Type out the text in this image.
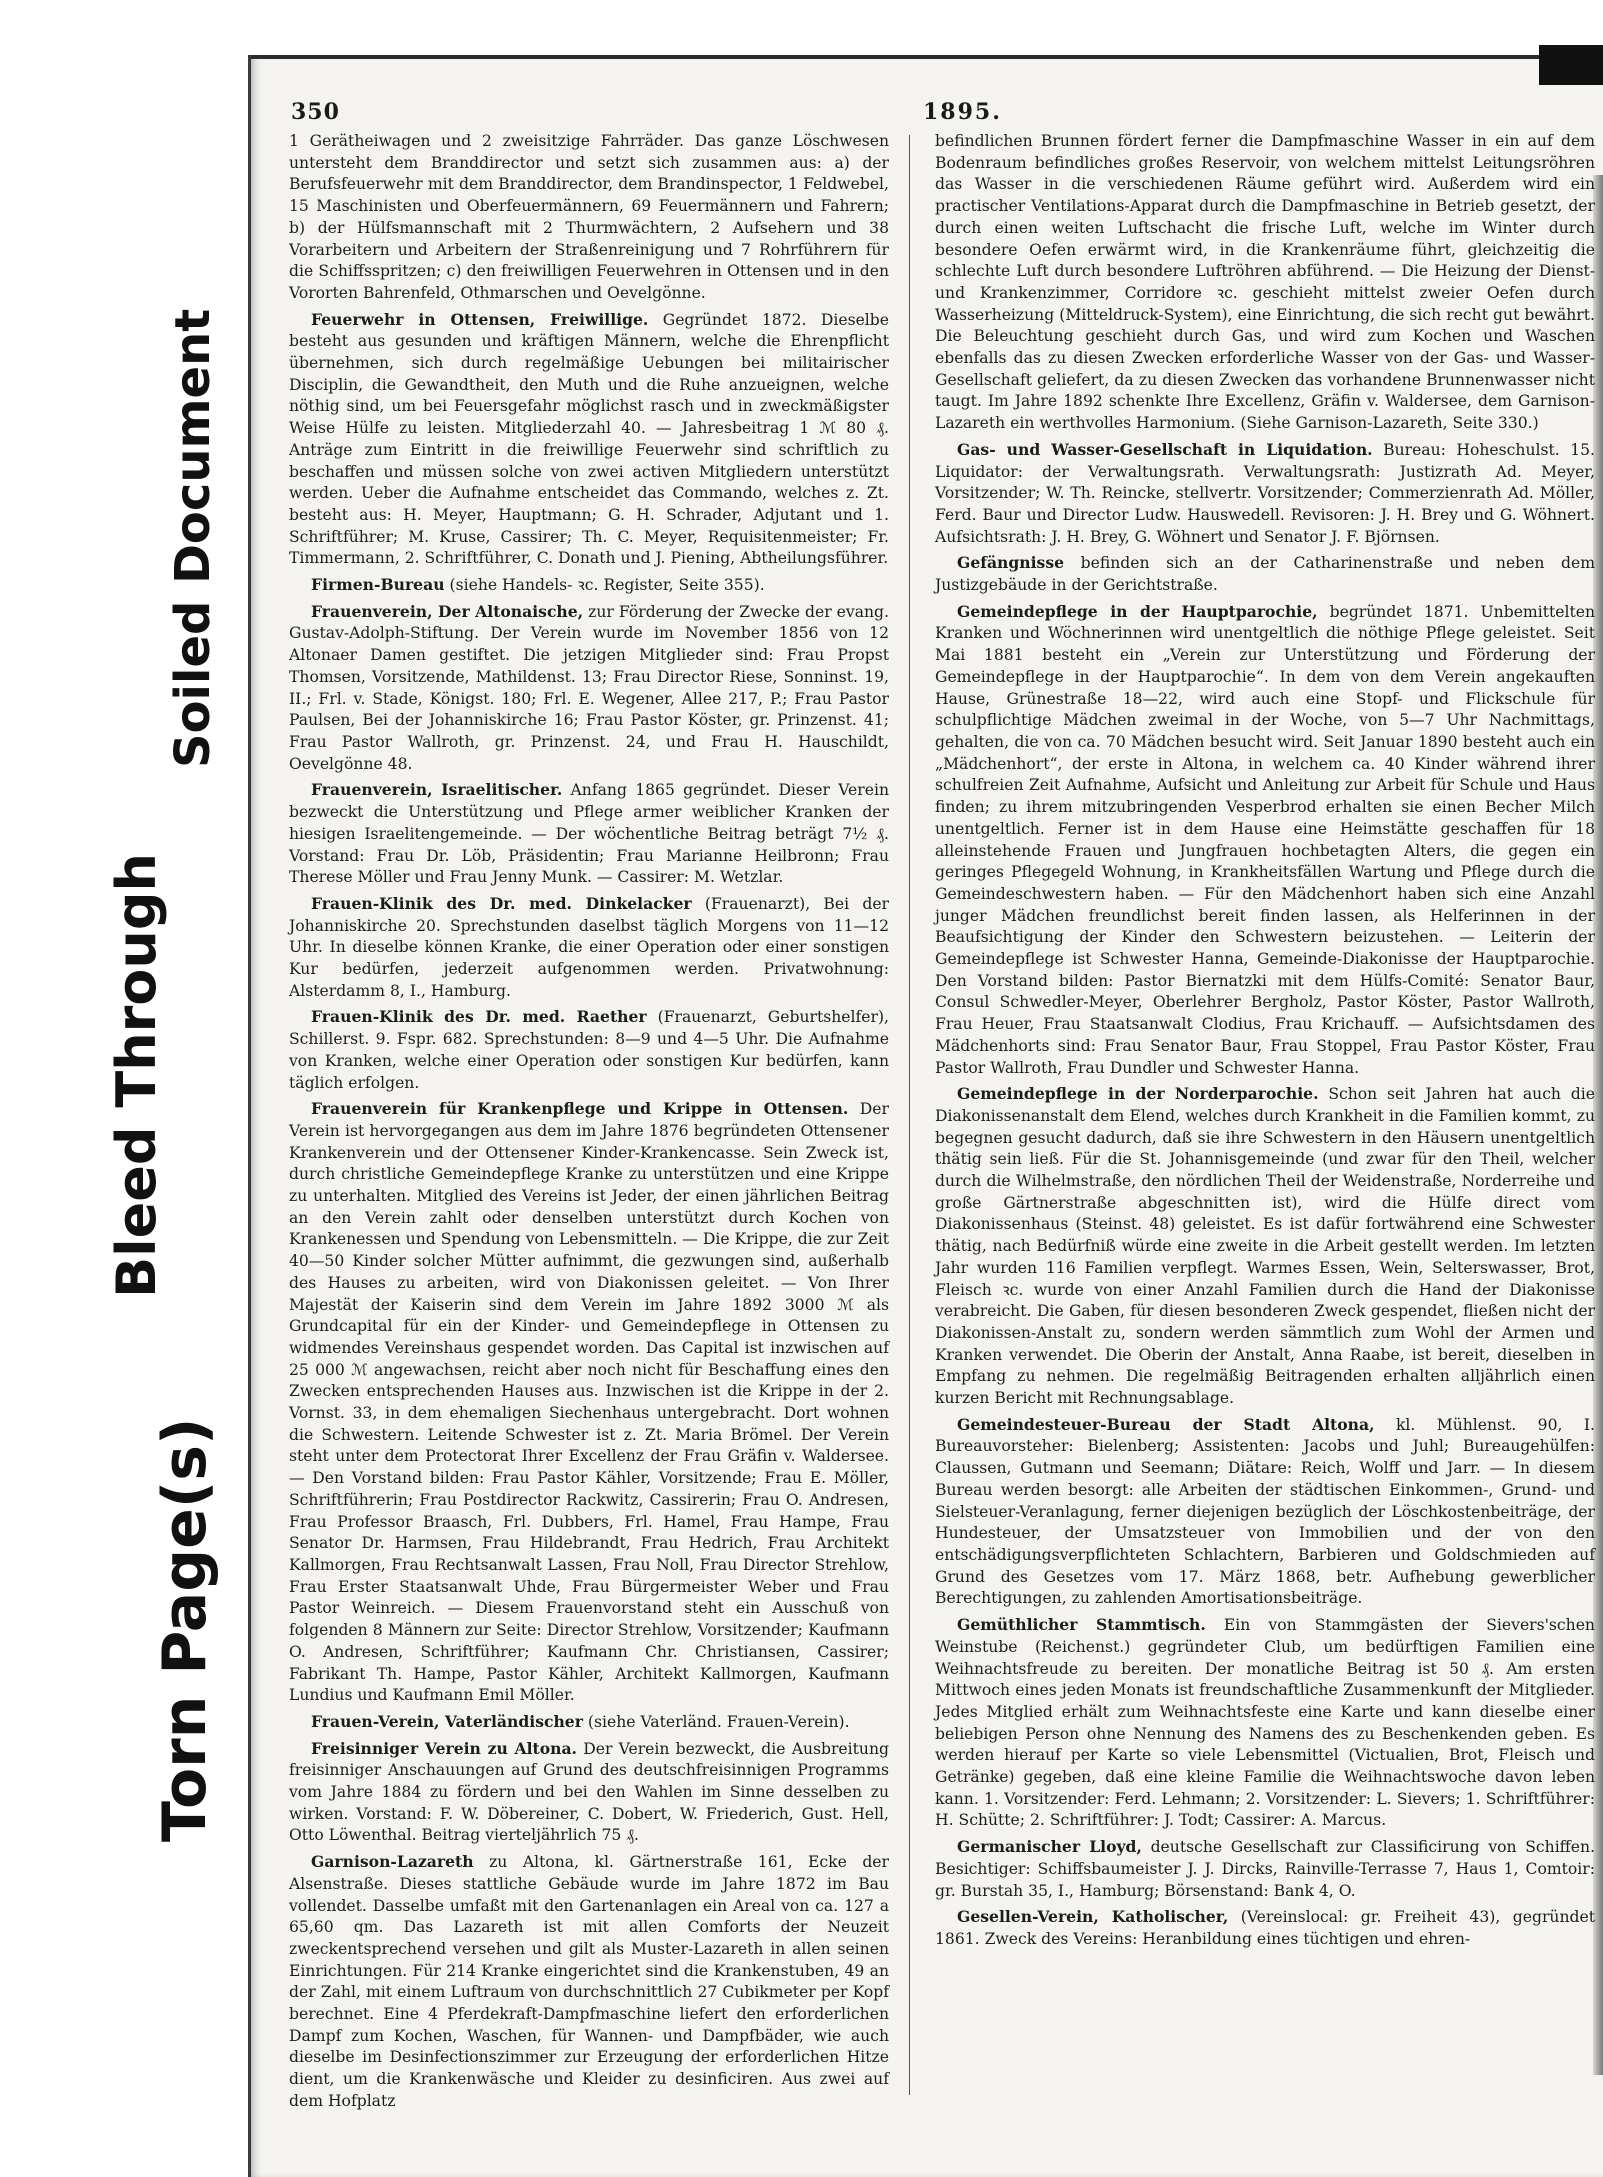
Bleed Through
Soiled Document
Torn Page(s)
350	1895.

1 Gerätheiwagen und 2 zweisitzige Fahrräder. Das ganze Löschwesen untersteht dem Branddirector und setzt sich zusammen aus: a) der Berufsfeuerwehr mit dem Branddirector, dem Brandinspector, 1 Feldwebel, 15 Maschinisten und Oberfeuermännern, 69 Feuermännern und Fahrern; b) der Hülfsmannschaft mit 2 Thurmwächtern, 2 Aufsehern und 38 Vorarbeitern und Arbeitern der Straßenreinigung und 7 Rohrführern für die Schiffsspritzen; c) den freiwilligen Feuerwehren in Ottensen und in den Vororten Bahrenfeld, Othmarschen und Oevelgönne.

Feuerwehr in Ottensen, Freiwillige. Gegründet 1872. Dieselbe besteht aus gesunden und kräftigen Männern, welche die Ehrenpflicht übernehmen, sich durch regelmäßige Uebungen bei militairischer Disciplin, die Gewandtheit, den Muth und die Ruhe anzueignen, welche nöthig sind, um bei Feuersgefahr möglichst rasch und in zweckmäßigster Weise Hülfe zu leisten. Mitgliederzahl 40. — Jahresbeitrag 1 ℳ 80 ₰. Anträge zum Eintritt in die freiwillige Feuerwehr sind schriftlich zu beschaffen und müssen solche von zwei activen Mitgliedern unterstützt werden. Ueber die Aufnahme entscheidet das Commando, welches z. Zt. besteht aus: H. Meyer, Hauptmann; G. H. Schrader, Adjutant und 1. Schriftführer; M. Kruse, Cassirer; Th. C. Meyer, Requisitenmeister; Fr. Timmermann, 2. Schriftführer, C. Donath und J. Piening, Abtheilungsführer.

Firmen-Bureau (siehe Handels- ꝛc. Register, Seite 355).

Frauenverein, Der Altonaische, zur Förderung der Zwecke der evang. Gustav-Adolph-Stiftung. Der Verein wurde im November 1856 von 12 Altonaer Damen gestiftet. Die jetzigen Mitglieder sind: Frau Propst Thomsen, Vorsitzende, Mathildenst. 13; Frau Director Riese, Sonninst. 19, II.; Frl. v. Stade, Königst. 180; Frl. E. Wegener, Allee 217, P.; Frau Pastor Paulsen, Bei der Johanniskirche 16; Frau Pastor Köster, gr. Prinzenst. 41; Frau Pastor Wallroth, gr. Prinzenst. 24, und Frau H. Hauschildt, Oevelgönne 48.

Frauenverein, Israelitischer. Anfang 1865 gegründet. Dieser Verein bezweckt die Unterstützung und Pflege armer weiblicher Kranken der hiesigen Israelitengemeinde. — Der wöchentliche Beitrag beträgt 7½ ₰. Vorstand: Frau Dr. Löb, Präsidentin; Frau Marianne Heilbronn; Frau Therese Möller und Frau Jenny Munk. — Cassirer: M. Wetzlar.

Frauen-Klinik des Dr. med. Dinkelacker (Frauenarzt), Bei der Johanniskirche 20. Sprechstunden daselbst täglich Morgens von 11—12 Uhr. In dieselbe können Kranke, die einer Operation oder einer sonstigen Kur bedürfen, jederzeit aufgenommen werden. Privatwohnung: Alsterdamm 8, I., Hamburg.

Frauen-Klinik des Dr. med. Raether (Frauenarzt, Geburtshelfer), Schillerst. 9. Fspr. 682. Sprechstunden: 8—9 und 4—5 Uhr. Die Aufnahme von Kranken, welche einer Operation oder sonstigen Kur bedürfen, kann täglich erfolgen.

Frauenverein für Krankenpflege und Krippe in Ottensen. Der Verein ist hervorgegangen aus dem im Jahre 1876 begründeten Ottensener Krankenverein und der Ottensener Kinder-Krankencasse. Sein Zweck ist, durch christliche Gemeindepflege Kranke zu unterstützen und eine Krippe zu unterhalten. Mitglied des Vereins ist Jeder, der einen jährlichen Beitrag an den Verein zahlt oder denselben unterstützt durch Kochen von Krankenessen und Spendung von Lebensmitteln. — Die Krippe, die zur Zeit 40—50 Kinder solcher Mütter aufnimmt, die gezwungen sind, außerhalb des Hauses zu arbeiten, wird von Diakonissen geleitet. — Von Ihrer Majestät der Kaiserin sind dem Verein im Jahre 1892 3000 ℳ als Grundcapital für ein der Kinder- und Gemeindepflege in Ottensen zu widmendes Vereinshaus gespendet worden. Das Capital ist inzwischen auf 25 000 ℳ angewachsen, reicht aber noch nicht für Beschaffung eines den Zwecken entsprechenden Hauses aus. Inzwischen ist die Krippe in der 2. Vornst. 33, in dem ehemaligen Siechenhaus untergebracht. Dort wohnen die Schwestern. Leitende Schwester ist z. Zt. Maria Brömel. Der Verein steht unter dem Protectorat Ihrer Excellenz der Frau Gräfin v. Waldersee. — Den Vorstand bilden: Frau Pastor Kähler, Vorsitzende; Frau E. Möller, Schriftführerin; Frau Postdirector Rackwitz, Cassirerin; Frau O. Andresen, Frau Professor Braasch, Frl. Dubbers, Frl. Hamel, Frau Hampe, Frau Senator Dr. Harmsen, Frau Hildebrandt, Frau Hedrich, Frau Architekt Kallmorgen, Frau Rechtsanwalt Lassen, Frau Noll, Frau Director Strehlow, Frau Erster Staatsanwalt Uhde, Frau Bürgermeister Weber und Frau Pastor Weinreich. — Diesem Frauenvorstand steht ein Ausschuß von folgenden 8 Männern zur Seite: Director Strehlow, Vorsitzender; Kaufmann O. Andresen, Schriftführer; Kaufmann Chr. Christiansen, Cassirer; Fabrikant Th. Hampe, Pastor Kähler, Architekt Kallmorgen, Kaufmann Lundius und Kaufmann Emil Möller.

Frauen-Verein, Vaterländischer (siehe Vaterländ. Frauen-Verein).

Freisinniger Verein zu Altona. Der Verein bezweckt, die Ausbreitung freisinniger Anschauungen auf Grund des deutschfreisinnigen Programms vom Jahre 1884 zu fördern und bei den Wahlen im Sinne desselben zu wirken. Vorstand: F. W. Döbereiner, C. Dobert, W. Friederich, Gust. Hell, Otto Löwenthal. Beitrag vierteljährlich 75 ₰.

Garnison-Lazareth zu Altona, kl. Gärtnerstraße 161, Ecke der Alsenstraße. Dieses stattliche Gebäude wurde im Jahre 1872 im Bau vollendet. Dasselbe umfaßt mit den Gartenanlagen ein Areal von ca. 127 a 65,60 qm. Das Lazareth ist mit allen Comforts der Neuzeit zweckentsprechend versehen und gilt als Muster-Lazareth in allen seinen Einrichtungen. Für 214 Kranke eingerichtet sind die Krankenstuben, 49 an der Zahl, mit einem Luftraum von durchschnittlich 27 Cubikmeter per Kopf berechnet. Eine 4 Pferdekraft-Dampfmaschine liefert den erforderlichen Dampf zum Kochen, Waschen, für Wannen- und Dampfbäder, wie auch dieselbe im Desinfectionszimmer zur Erzeugung der erforderlichen Hitze dient, um die Krankenwäsche und Kleider zu desinficiren. Aus zwei auf dem Hofplatz

befindlichen Brunnen fördert ferner die Dampfmaschine Wasser in ein auf dem Bodenraum befindliches großes Reservoir, von welchem mittelst Leitungsröhren das Wasser in die verschiedenen Räume geführt wird. Außerdem wird ein practischer Ventilations-Apparat durch die Dampfmaschine in Betrieb gesetzt, der durch einen weiten Luftschacht die frische Luft, welche im Winter durch besondere Oefen erwärmt wird, in die Krankenräume führt, gleichzeitig die schlechte Luft durch besondere Luftröhren abführend. — Die Heizung der Dienst- und Krankenzimmer, Corridore ꝛc. geschieht mittelst zweier Oefen durch Wasserheizung (Mitteldruck-System), eine Einrichtung, die sich recht gut bewährt. Die Beleuchtung geschieht durch Gas, und wird zum Kochen und Waschen ebenfalls das zu diesen Zwecken erforderliche Wasser von der Gas- und Wasser-Gesellschaft geliefert, da zu diesen Zwecken das vorhandene Brunnenwasser nicht taugt. Im Jahre 1892 schenkte Ihre Excellenz, Gräfin v. Waldersee, dem Garnison-Lazareth ein werthvolles Harmonium. (Siehe Garnison-Lazareth, Seite 330.)

Gas- und Wasser-Gesellschaft in Liquidation. Bureau: Hoheschulst. 15. Liquidator: der Verwaltungsrath. Verwaltungsrath: Justizrath Ad. Meyer, Vorsitzender; W. Th. Reincke, stellvertr. Vorsitzender; Commerzienrath Ad. Möller, Ferd. Baur und Director Ludw. Hauswedell. Revisoren: J. H. Brey und G. Wöhnert. Aufsichtsrath: J. H. Brey, G. Wöhnert und Senator J. F. Björnsen.

Gefängnisse befinden sich an der Catharinenstraße und neben dem Justizgebäude in der Gerichtstraße.

Gemeindepflege in der Hauptparochie, begründet 1871. Unbemittelten Kranken und Wöchnerinnen wird unentgeltlich die nöthige Pflege geleistet. Seit Mai 1881 besteht ein „Verein zur Unterstützung und Förderung der Gemeindepflege in der Hauptparochie“. In dem von dem Verein angekauften Hause, Grünestraße 18—22, wird auch eine Stopf- und Flickschule für schulpflichtige Mädchen zweimal in der Woche, von 5—7 Uhr Nachmittags, gehalten, die von ca. 70 Mädchen besucht wird. Seit Januar 1890 besteht auch ein „Mädchenhort“, der erste in Altona, in welchem ca. 40 Kinder während ihrer schulfreien Zeit Aufnahme, Aufsicht und Anleitung zur Arbeit für Schule und Haus finden; zu ihrem mitzubringenden Vesperbrod erhalten sie einen Becher Milch unentgeltlich. Ferner ist in dem Hause eine Heimstätte geschaffen für 18 alleinstehende Frauen und Jungfrauen hochbetagten Alters, die gegen ein geringes Pflegegeld Wohnung, in Krankheitsfällen Wartung und Pflege durch die Gemeindeschwestern haben. — Für den Mädchenhort haben sich eine Anzahl junger Mädchen freundlichst bereit finden lassen, als Helferinnen in der Beaufsichtigung der Kinder den Schwestern beizustehen. — Leiterin der Gemeindepflege ist Schwester Hanna, Gemeinde-Diakonisse der Hauptparochie. Den Vorstand bilden: Pastor Biernatzki mit dem Hülfs-Comité: Senator Baur, Consul Schwedler-Meyer, Oberlehrer Bergholz, Pastor Köster, Pastor Wallroth, Frau Heuer, Frau Staatsanwalt Clodius, Frau Krichauff. — Aufsichtsdamen des Mädchenhorts sind: Frau Senator Baur, Frau Stoppel, Frau Pastor Köster, Frau Pastor Wallroth, Frau Dundler und Schwester Hanna.

Gemeindepflege in der Norderparochie. Schon seit Jahren hat auch die Diakonissenanstalt dem Elend, welches durch Krankheit in die Familien kommt, zu begegnen gesucht dadurch, daß sie ihre Schwestern in den Häusern unentgeltlich thätig sein ließ. Für die St. Johannisgemeinde (und zwar für den Theil, welcher durch die Wilhelmstraße, den nördlichen Theil der Weidenstraße, Norderreihe und große Gärtnerstraße abgeschnitten ist), wird die Hülfe direct vom Diakonissenhaus (Steinst. 48) geleistet. Es ist dafür fortwährend eine Schwester thätig, nach Bedürfniß würde eine zweite in die Arbeit gestellt werden. Im letzten Jahr wurden 116 Familien verpflegt. Warmes Essen, Wein, Selterswasser, Brot, Fleisch ꝛc. wurde von einer Anzahl Familien durch die Hand der Diakonisse verabreicht. Die Gaben, für diesen besonderen Zweck gespendet, fließen nicht der Diakonissen-Anstalt zu, sondern werden sämmtlich zum Wohl der Armen und Kranken verwendet. Die Oberin der Anstalt, Anna Raabe, ist bereit, dieselben in Empfang zu nehmen. Die regelmäßig Beitragenden erhalten alljährlich einen kurzen Bericht mit Rechnungsablage.

Gemeindesteuer-Bureau der Stadt Altona, kl. Mühlenst. 90, I. Bureauvorsteher: Bielenberg; Assistenten: Jacobs und Juhl; Bureaugehülfen: Claussen, Gutmann und Seemann; Diätare: Reich, Wolff und Jarr. — In diesem Bureau werden besorgt: alle Arbeiten der städtischen Einkommen-, Grund- und Sielsteuer-Veranlagung, ferner diejenigen bezüglich der Löschkostenbeiträge, der Hundesteuer, der Umsatzsteuer von Immobilien und der von den entschädigungsverpflichteten Schlachtern, Barbieren und Goldschmieden auf Grund des Gesetzes vom 17. März 1868, betr. Aufhebung gewerblicher Berechtigungen, zu zahlenden Amortisationsbeiträge.

Gemüthlicher Stammtisch. Ein von Stammgästen der Sievers'schen Weinstube (Reichenst.) gegründeter Club, um bedürftigen Familien eine Weihnachtsfreude zu bereiten. Der monatliche Beitrag ist 50 ₰. Am ersten Mittwoch eines jeden Monats ist freundschaftliche Zusammenkunft der Mitglieder. Jedes Mitglied erhält zum Weihnachtsfeste eine Karte und kann dieselbe einer beliebigen Person ohne Nennung des Namens des zu Beschenkenden geben. Es werden hierauf per Karte so viele Lebensmittel (Victualien, Brot, Fleisch und Getränke) gegeben, daß eine kleine Familie die Weihnachtswoche davon leben kann. 1. Vorsitzender: Ferd. Lehmann; 2. Vorsitzender: L. Sievers; 1. Schriftführer: H. Schütte; 2. Schriftführer: J. Todt; Cassirer: A. Marcus.

Germanischer Lloyd, deutsche Gesellschaft zur Classificirung von Schiffen. Besichtiger: Schiffsbaumeister J. J. Dircks, Rainville-Terrasse 7, Haus 1, Comtoir: gr. Burstah 35, I., Hamburg; Börsenstand: Bank 4, O.

Gesellen-Verein, Katholischer, (Vereinslocal: gr. Freiheit 43), gegründet 1861. Zweck des Vereins: Heranbildung eines tüchtigen und ehren-
